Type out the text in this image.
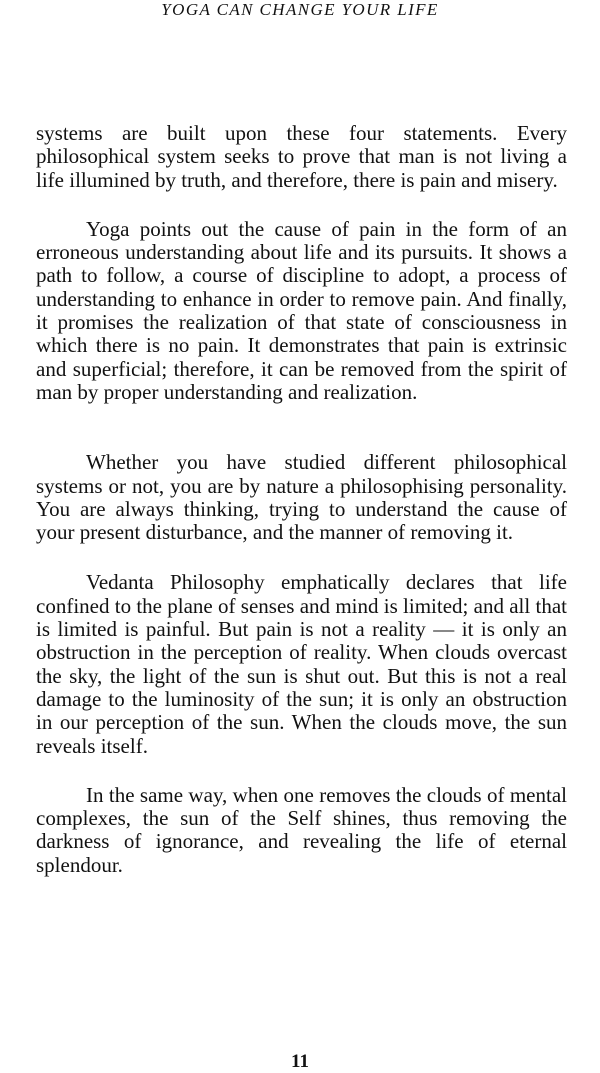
YOGA CAN CHANGE YOUR LIFE

systems are built upon these four statements. Every philosophical system seeks to prove that man is not living a life illumined by truth, and therefore, there is pain and misery.

Yoga points out the cause of pain in the form of an erroneous understanding about life and its pursuits. It shows a path to follow, a course of discipline to adopt, a process of understanding to enhance in order to remove pain. And finally, it promises the realization of that state of consciousness in which there is no pain. It demonstrates that pain is extrinsic and superficial; therefore, it can be removed from the spirit of man by proper understanding and realization.

Whether you have studied different philosophical systems or not, you are by nature a philosophising personality. You are always thinking, trying to understand the cause of your present disturbance, and the manner of removing it.

Vedanta Philosophy emphatically declares that life confined to the plane of senses and mind is limited; and all that is limited is painful. But pain is not a reality — it is only an obstruction in the perception of reality. When clouds overcast the sky, the light of the sun is shut out. But this is not a real damage to the luminosity of the sun; it is only an obstruction in our perception of the sun. When the clouds move, the sun reveals itself.

In the same way, when one removes the clouds of mental complexes, the sun of the Self shines, thus removing the darkness of ignorance, and revealing the life of eternal splendour.

11
